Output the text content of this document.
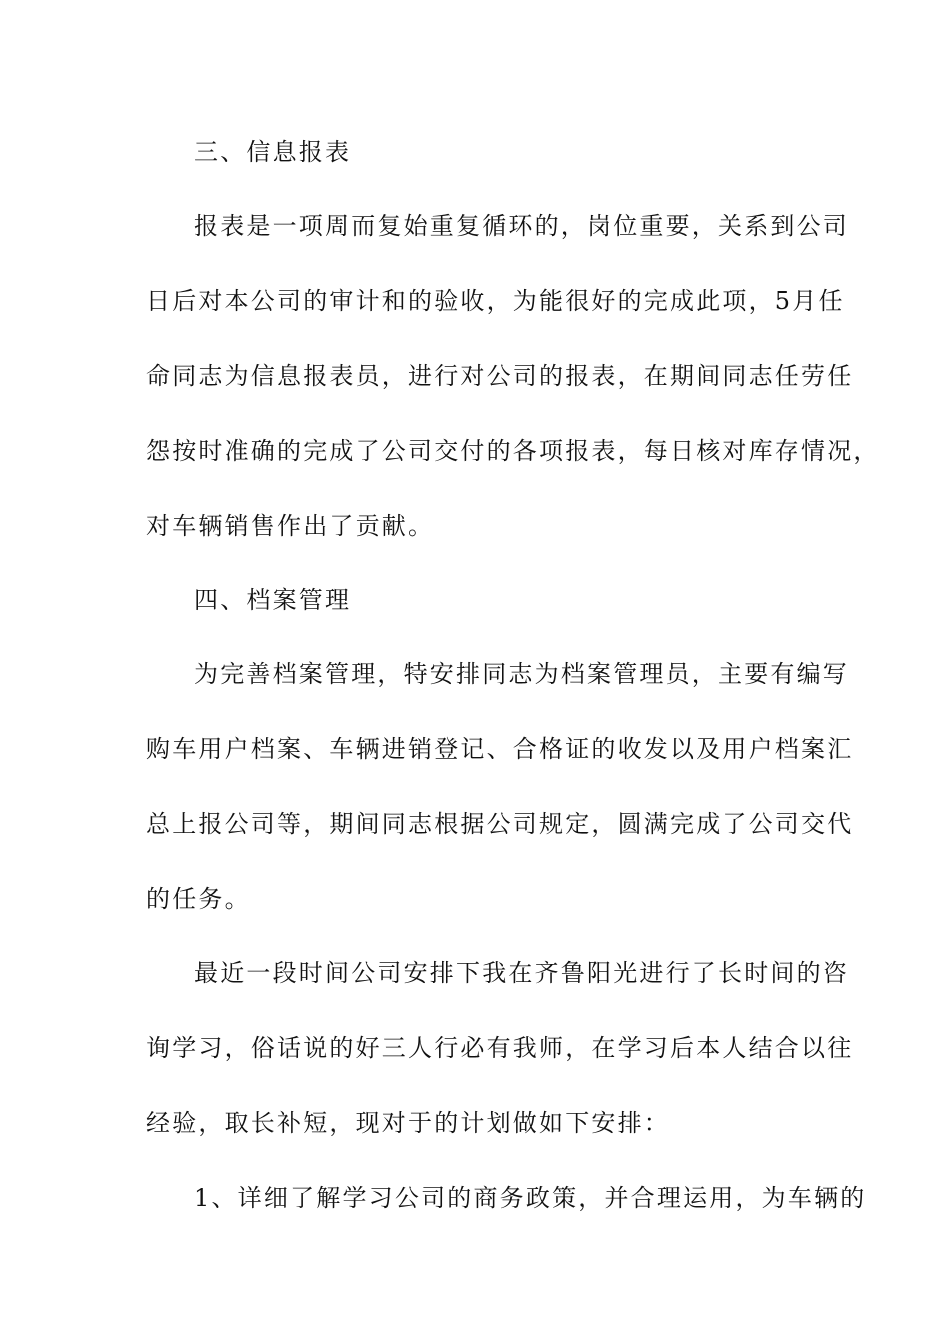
三、信息报表
报表是一项周而复始重复循环的，岗位重要，关系到公司
日后对本公司的审计和的验收，为能很好的完成此项，5月任
命同志为信息报表员，进行对公司的报表，在期间同志任劳任
怨按时准确的完成了公司交付的各项报表，每日核对库存情况，
对车辆销售作出了贡献。
四、档案管理
为完善档案管理，特安排同志为档案管理员，主要有编写
购车用户档案、车辆进销登记、合格证的收发以及用户档案汇
总上报公司等，期间同志根据公司规定，圆满完成了公司交代
的任务。
最近一段时间公司安排下我在齐鲁阳光进行了长时间的咨
询学习，俗话说的好三人行必有我师，在学习后本人结合以往
经验，取长补短，现对于的计划做如下安排：
1、详细了解学习公司的商务政策，并合理运用，为车辆的
